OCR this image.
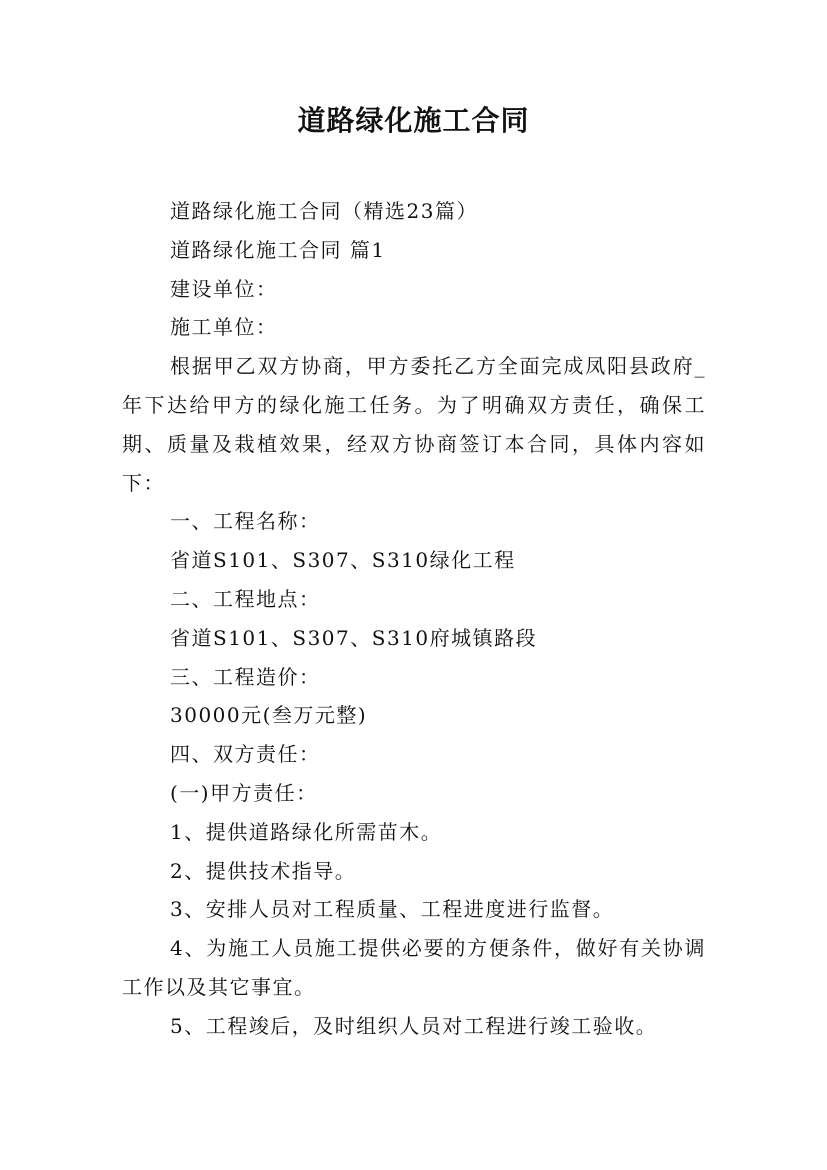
道路绿化施工合同

道路绿化施工合同（精选23篇）

道路绿化施工合同 篇1

建设单位：

施工单位：

根据甲乙双方协商，甲方委托乙方全面完成凤阳县政府_年下达给甲方的绿化施工任务。为了明确双方责任，确保工期、质量及栽植效果，经双方协商签订本合同，具体内容如下：

一、工程名称：

省道S101、S307、S310绿化工程

二、工程地点：

省道S101、S307、S310府城镇路段

三、工程造价：

30000元(叁万元整)

四、双方责任：

(一)甲方责任：

1、提供道路绿化所需苗木。

2、提供技术指导。

3、安排人员对工程质量、工程进度进行监督。

4、为施工人员施工提供必要的方便条件，做好有关协调工作以及其它事宜。

5、工程竣后，及时组织人员对工程进行竣工验收。
